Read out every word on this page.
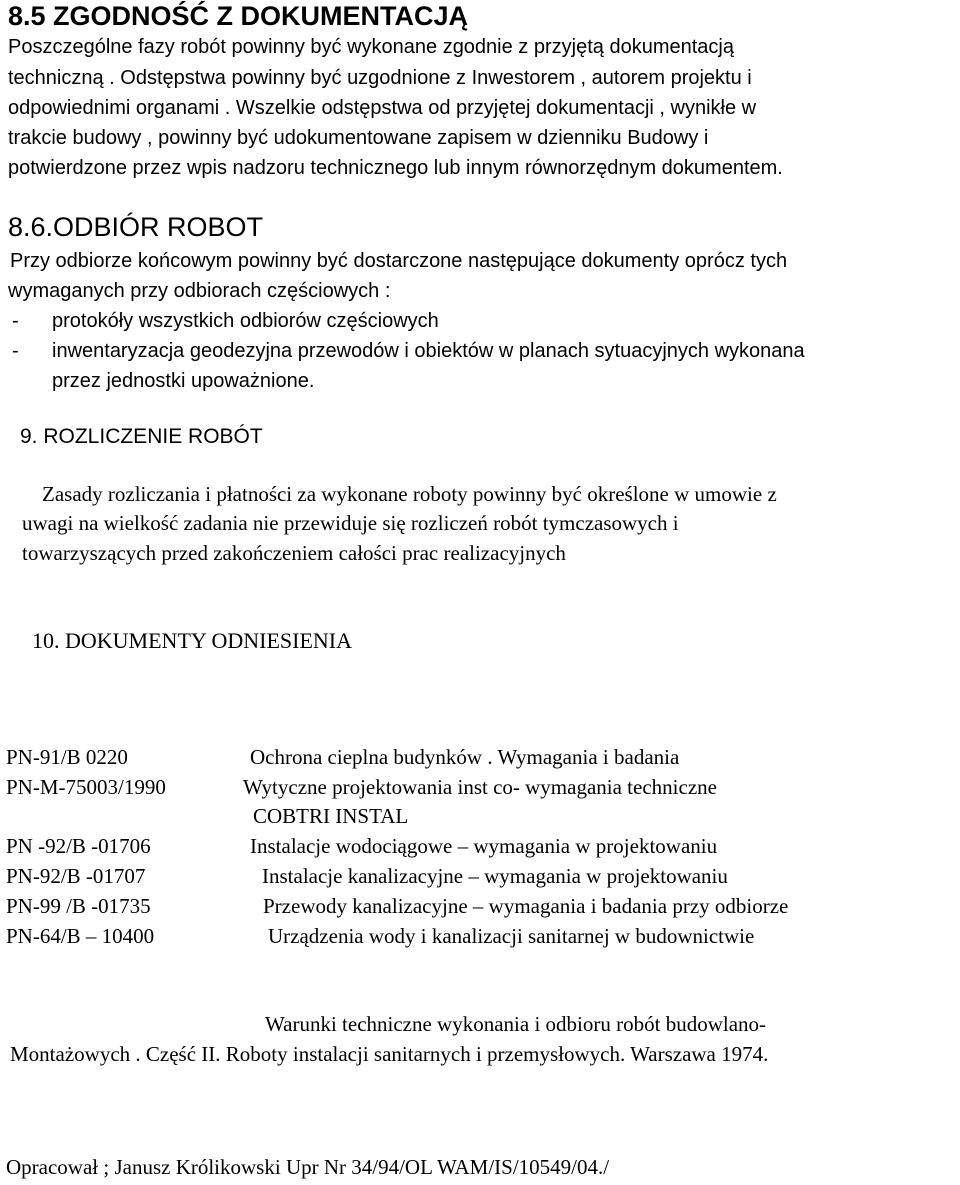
8.5 ZGODNOŚĆ Z DOKUMENTACJĄ

Poszczególne fazy robót powinny być wykonane zgodnie z przyjętą dokumentacją

techniczną . Odstępstwa powinny być uzgodnione z Inwestorem , autorem projektu i

odpowiednimi organami . Wszelkie odstępstwa od przyjętej dokumentacji , wynikłe w

trakcie budowy , powinny być udokumentowane zapisem w dzienniku Budowy i

potwierdzone przez wpis nadzoru technicznego lub innym równorzędnym dokumentem.

8.6.ODBIÓR ROBOT

Przy odbiorze końcowym powinny być dostarczone następujące dokumenty oprócz tych

wymaganych przy odbiorach częściowych :

- protokóły wszystkich odbiorów częściowych
- inwentaryzacja geodezyjna przewodów i obiektów w planach sytuacyjnych wykonana
przez jednostki upoważnione.
9. ROZLICZENIE ROBÓT

Zasady rozliczania i płatności za wykonane roboty powinny być określone w umowie z

uwagi na wielkość zadania nie przewiduje się rozliczeń robót tymczasowych i

towarzyszących przed zakończeniem całości prac realizacyjnych

10. DOKUMENTY ODNIESIENIA
PN-91/B 0220	Ochrona cieplna budynków . Wymagania i badania
PN-M-75003/1990	Wytyczne projektowania inst co- wymagania techniczne
COBTRI INSTAL
PN -92/B -01706	Instalacje wodociągowe – wymagania w projektowaniu
PN-92/B -01707	Instalacje kanalizacyjne – wymagania w projektowaniu
PN-99 /B -01735	Przewody kanalizacyjne – wymagania i badania przy odbiorze
PN-64/B – 10400	Urządzenia wody i kanalizacji sanitarnej w budownictwie

Warunki techniczne wykonania i odbioru robót budowlano-

Montażowych . Część II. Roboty instalacji sanitarnych i przemysłowych. Warszawa 1974.

Opracował ; Janusz Królikowski Upr Nr 34/94/OL WAM/IS/10549/04./
